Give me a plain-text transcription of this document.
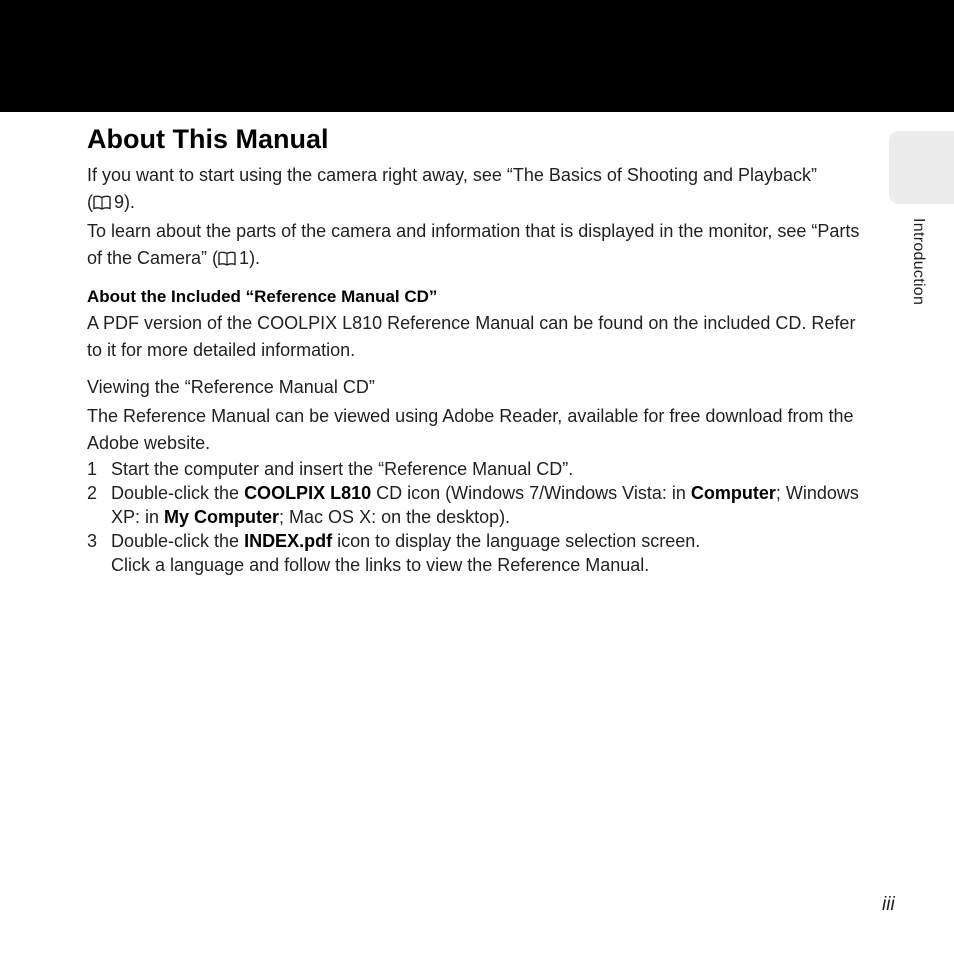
Introduction
About This Manual

If you want to start using the camera right away, see “The Basics of Shooting and Playback”
( 9).

To learn about the parts of the camera and information that is displayed in the monitor, see “Parts of the Camera” ( 1).

About the Included “Reference Manual CD”

A PDF version of the COOLPIX L810 Reference Manual can be found on the included CD. Refer to it for more detailed information.

Viewing the “Reference Manual CD”

The Reference Manual can be viewed using Adobe Reader, available for free download from the Adobe website.

1 Start the computer and insert the “Reference Manual CD”.
2 Double-click the COOLPIX L810 CD icon (Windows 7/Windows Vista: in Computer; Windows XP: in My Computer; Mac OS X: on the desktop).
3 Double-click the INDEX.pdf icon to display the language selection screen.
Click a language and follow the links to view the Reference Manual.
iii
